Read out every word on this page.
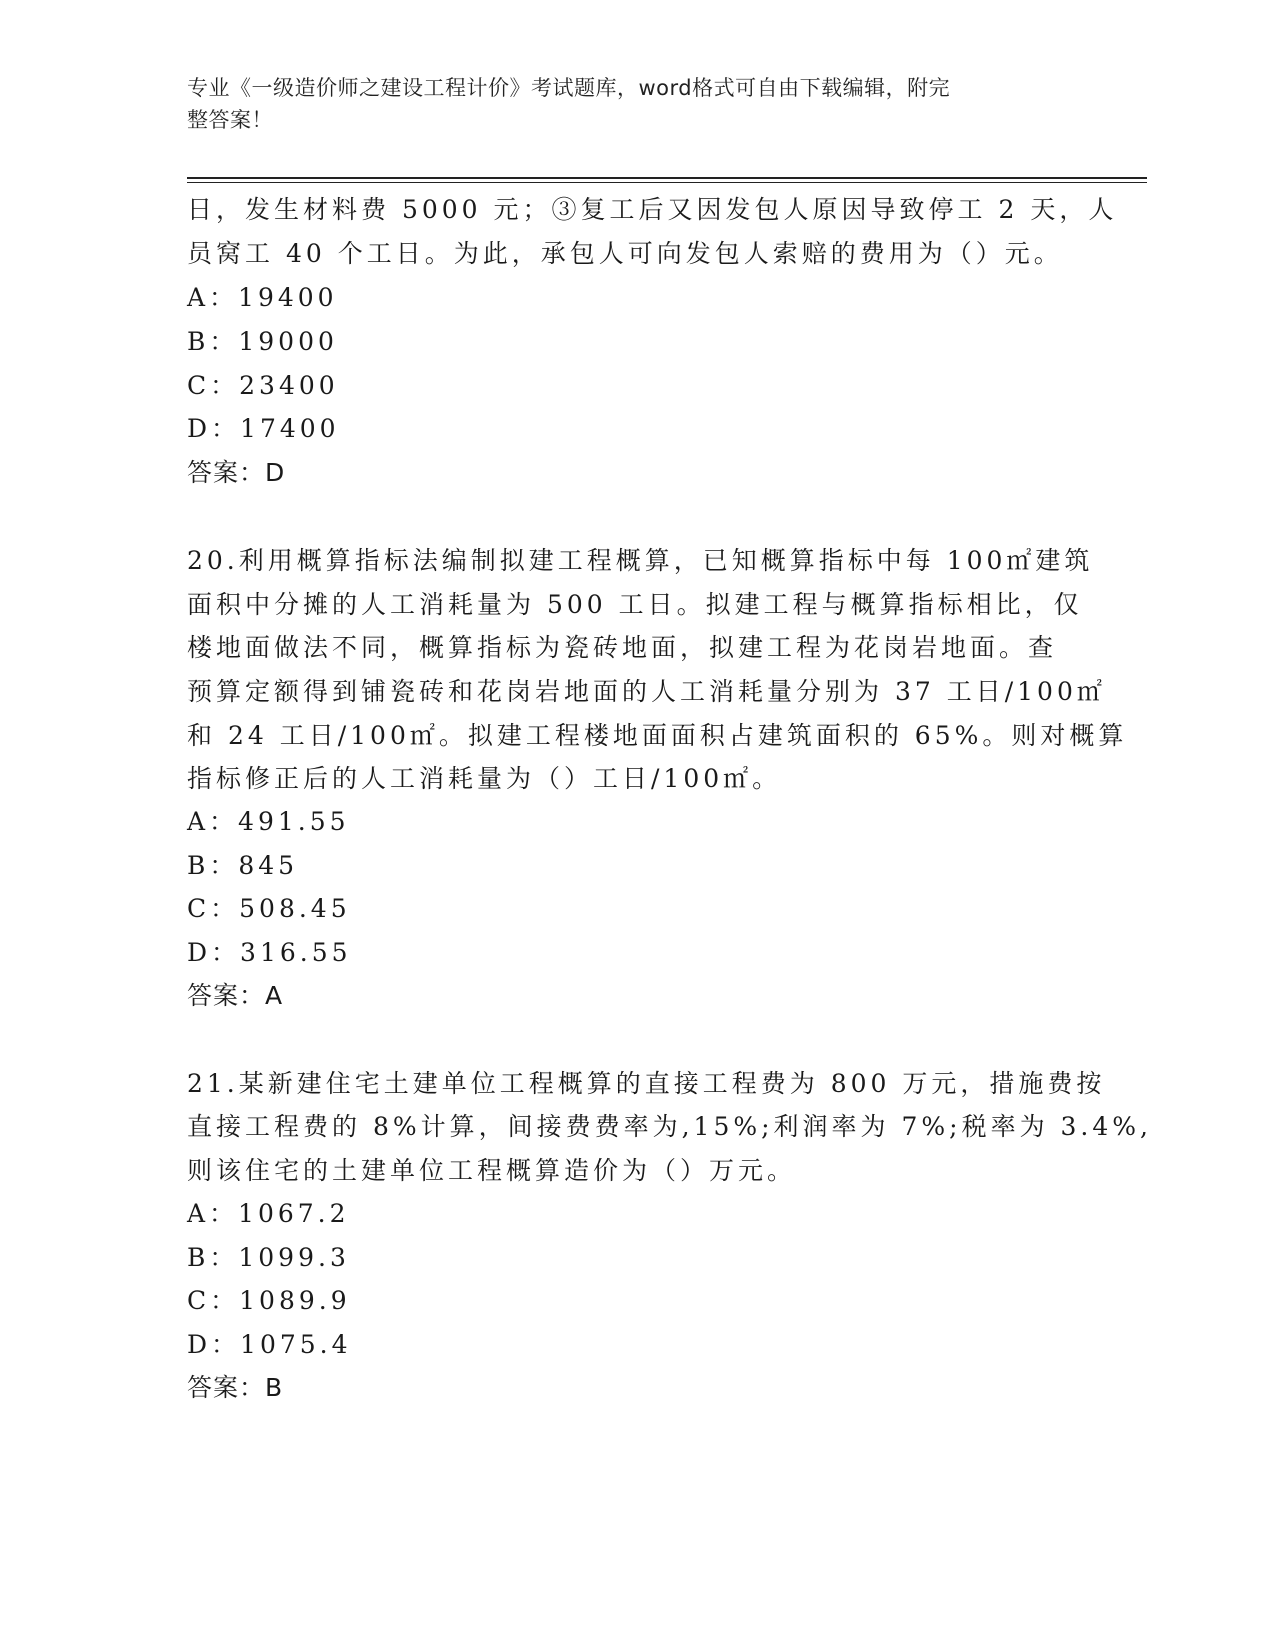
专业《一级造价师之建设工程计价》考试题库，word格式可自由下载编辑，附完
整答案！
日，发生材料费 5000 元；③复工后又因发包人原因导致停工 2 天，人
员窝工 40 个工日。为此，承包人可向发包人索赔的费用为（）元。
A：19400
B：19000
C：23400
D：17400
答案：D
20.利用概算指标法编制拟建工程概算，已知概算指标中每 100㎡建筑
面积中分摊的人工消耗量为 500 工日。拟建工程与概算指标相比，仅
楼地面做法不同，概算指标为瓷砖地面，拟建工程为花岗岩地面。查
预算定额得到铺瓷砖和花岗岩地面的人工消耗量分别为 37 工日/100㎡
和 24 工日/100㎡。拟建工程楼地面面积占建筑面积的 65%。则对概算
指标修正后的人工消耗量为（）工日/100㎡。
A：491.55
B：845
C：508.45
D：316.55
答案：A
21.某新建住宅土建单位工程概算的直接工程费为 800 万元，措施费按
直接工程费的 8%计算，间接费费率为,15%;利润率为 7%;税率为 3.4%,
则该住宅的土建单位工程概算造价为（）万元。
A：1067.2
B：1099.3
C：1089.9
D：1075.4
答案：B
